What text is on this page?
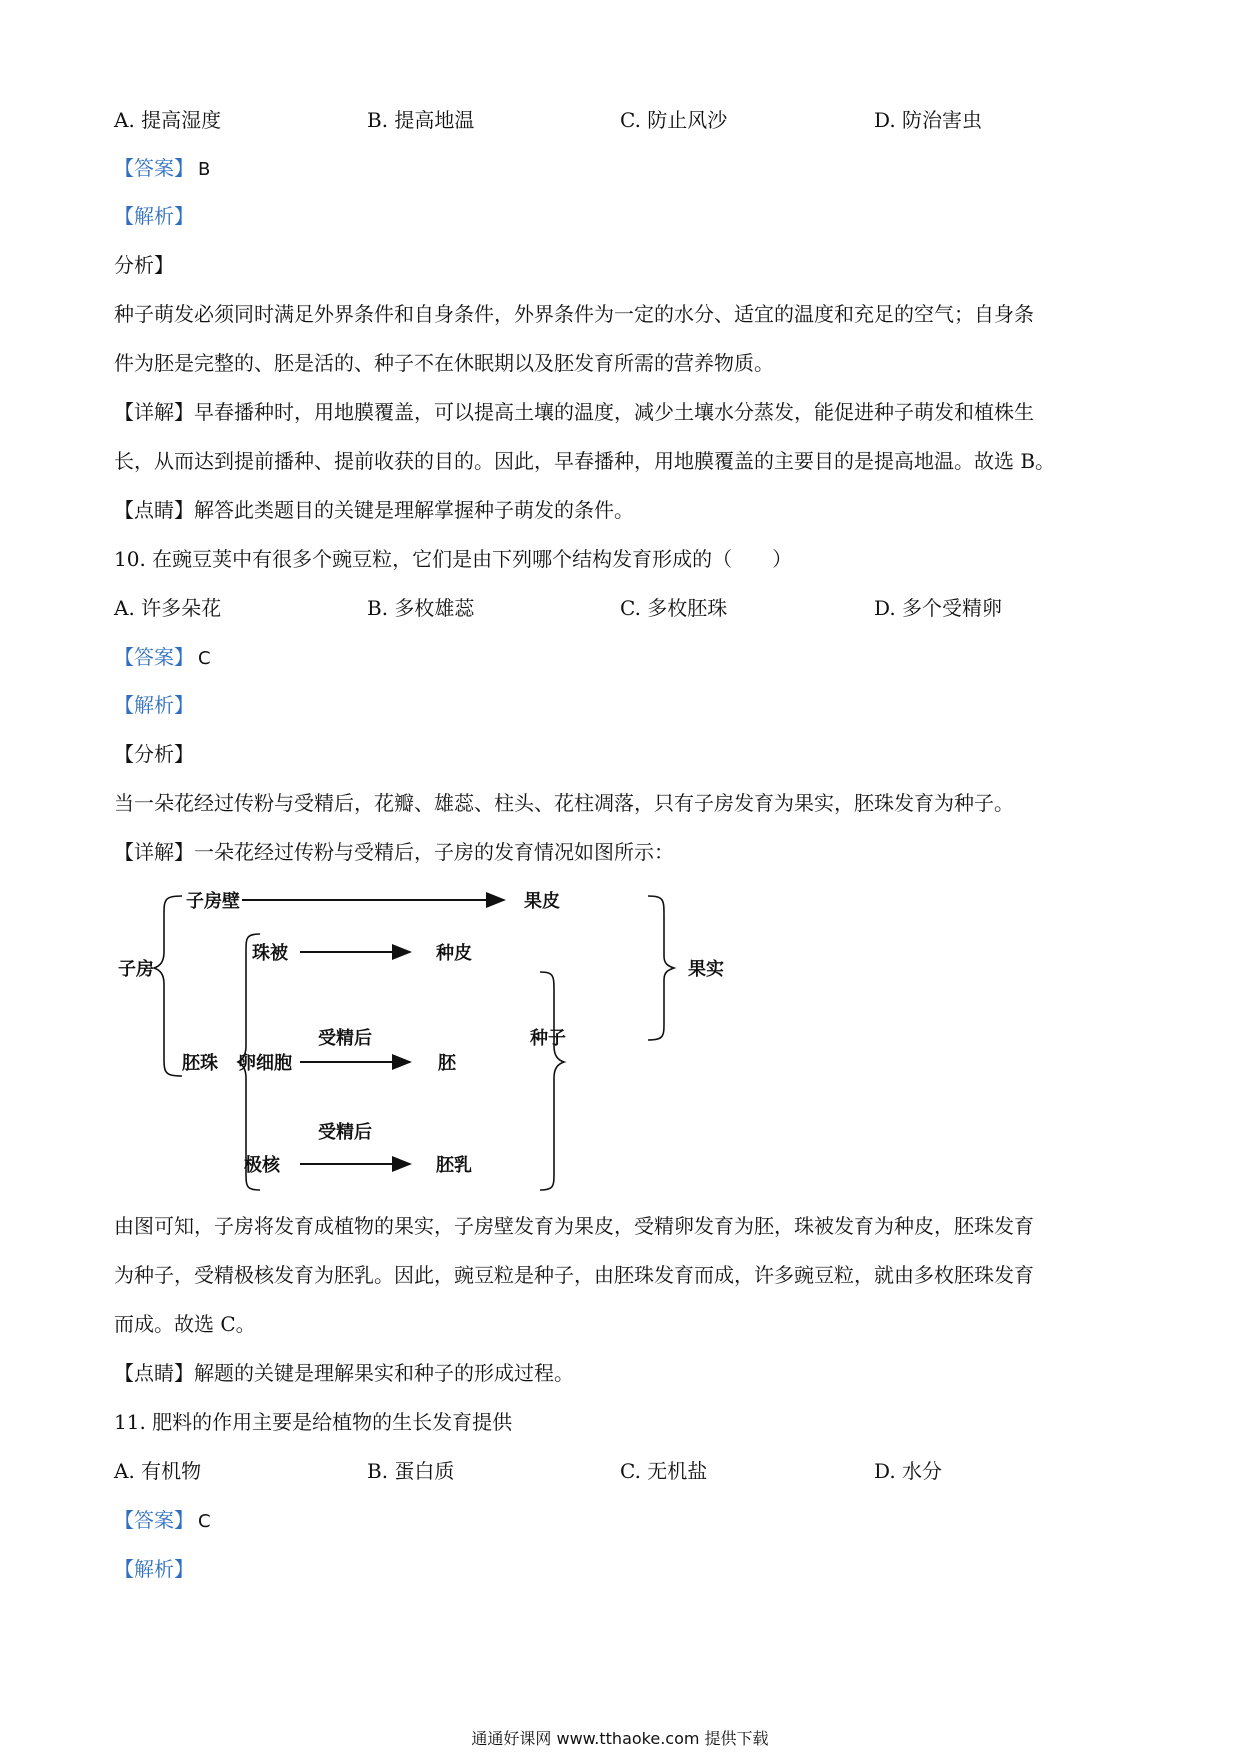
A. 提高湿度	B. 提高地温	C. 防止风沙	D. 防治害虫
【答案】 B
【解析】
分析】
种子萌发必须同时满足外界条件和自身条件，外界条件为一定的水分、适宜的温度和充足的空气；自身条
件为胚是完整的、胚是活的、种子不在休眠期以及胚发育所需的营养物质。
【详解】早春播种时，用地膜覆盖，可以提高土壤的温度，减少土壤水分蒸发，能促进种子萌发和植株生
长，从而达到提前播种、提前收获的目的。因此，早春播种，用地膜覆盖的主要目的是提高地温。故选 B。
【点睛】解答此类题目的关键是理解掌握种子萌发的条件。
10. 在豌豆荚中有很多个豌豆粒，它们是由下列哪个结构发育形成的（　　）
A. 许多朵花	B. 多枚雄蕊	C. 多枚胚珠	D. 多个受精卵
【答案】 C
【解析】
【分析】
当一朵花经过传粉与受精后，花瓣、雄蕊、柱头、花柱凋落，只有子房发育为果实，胚珠发育为种子。
【详解】一朵花经过传粉与受精后，子房的发育情况如图所示：
子房壁	果皮
子房
珠被	种皮
果实
种子
受精后
胚珠 卵细胞	胚
受精后
极核	胚乳
由图可知，子房将发育成植物的果实，子房壁发育为果皮，受精卵发育为胚，珠被发育为种皮，胚珠发育
为种子，受精极核发育为胚乳。因此，豌豆粒是种子，由胚珠发育而成，许多豌豆粒，就由多枚胚珠发育
而成。故选 C。
【点睛】解题的关键是理解果实和种子的形成过程。
11. 肥料的作用主要是给植物的生长发育提供
A. 有机物	B. 蛋白质	C. 无机盐	D. 水分
【答案】 C
【解析】
通通好课网 www.tthaoke.com 提供下载
